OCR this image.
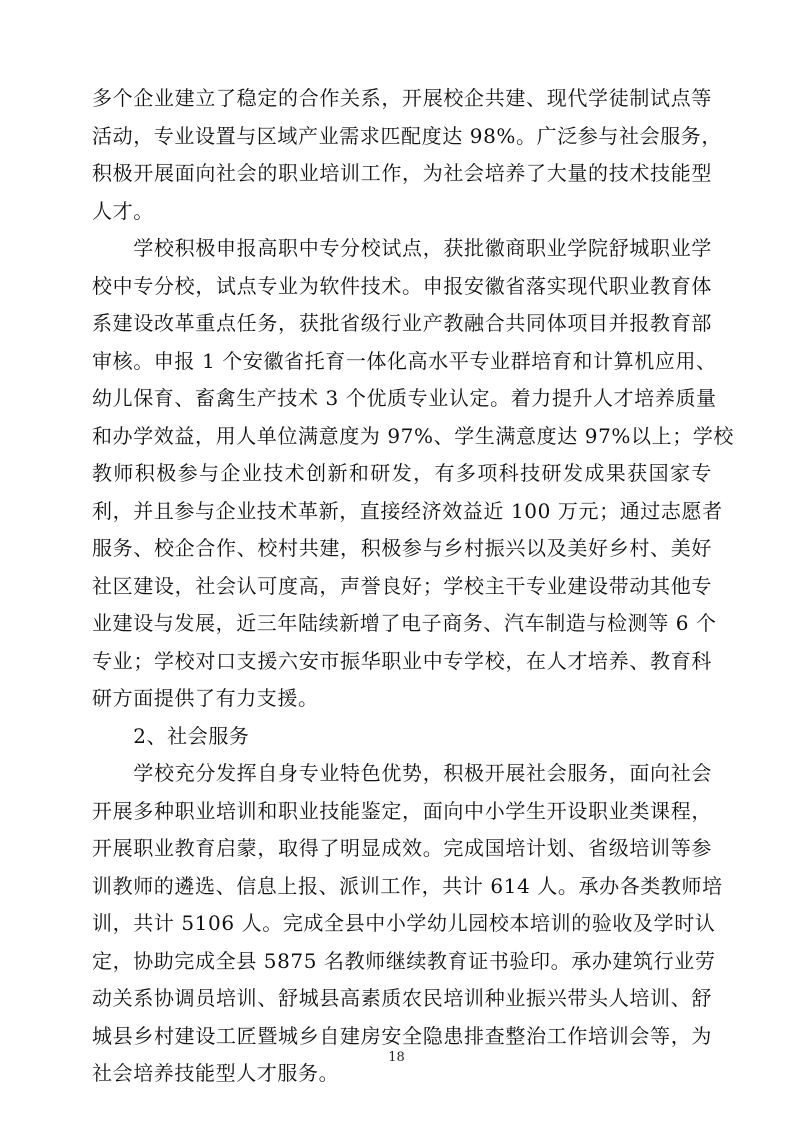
多个企业建立了稳定的合作关系，开展校企共建、现代学徒制试点等
活动，专业设置与区域产业需求匹配度达 98%。广泛参与社会服务，
积极开展面向社会的职业培训工作，为社会培养了大量的技术技能型
人才。
　　学校积极申报高职中专分校试点，获批徽商职业学院舒城职业学
校中专分校，试点专业为软件技术。申报安徽省落实现代职业教育体
系建设改革重点任务，获批省级行业产教融合共同体项目并报教育部
审核。申报 1 个安徽省托育一体化高水平专业群培育和计算机应用、
幼儿保育、畜禽生产技术 3 个优质专业认定。着力提升人才培养质量
和办学效益，用人单位满意度为 97%、学生满意度达 97%以上；学校
教师积极参与企业技术创新和研发，有多项科技研发成果获国家专
利，并且参与企业技术革新，直接经济效益近 100 万元；通过志愿者
服务、校企合作、校村共建，积极参与乡村振兴以及美好乡村、美好
社区建设，社会认可度高，声誉良好；学校主干专业建设带动其他专
业建设与发展，近三年陆续新增了电子商务、汽车制造与检测等 6 个
专业；学校对口支援六安市振华职业中专学校，在人才培养、教育科
研方面提供了有力支援。
　　2、社会服务
　　学校充分发挥自身专业特色优势，积极开展社会服务，面向社会
开展多种职业培训和职业技能鉴定，面向中小学生开设职业类课程，
开展职业教育启蒙，取得了明显成效。完成国培计划、省级培训等参
训教师的遴选、信息上报、派训工作，共计 614 人。承办各类教师培
训，共计 5106 人。完成全县中小学幼儿园校本培训的验收及学时认
定，协助完成全县 5875 名教师继续教育证书验印。承办建筑行业劳
动关系协调员培训、舒城县高素质农民培训种业振兴带头人培训、舒
城县乡村建设工匠暨城乡自建房安全隐患排查整治工作培训会等，为
社会培养技能型人才服务。
18
